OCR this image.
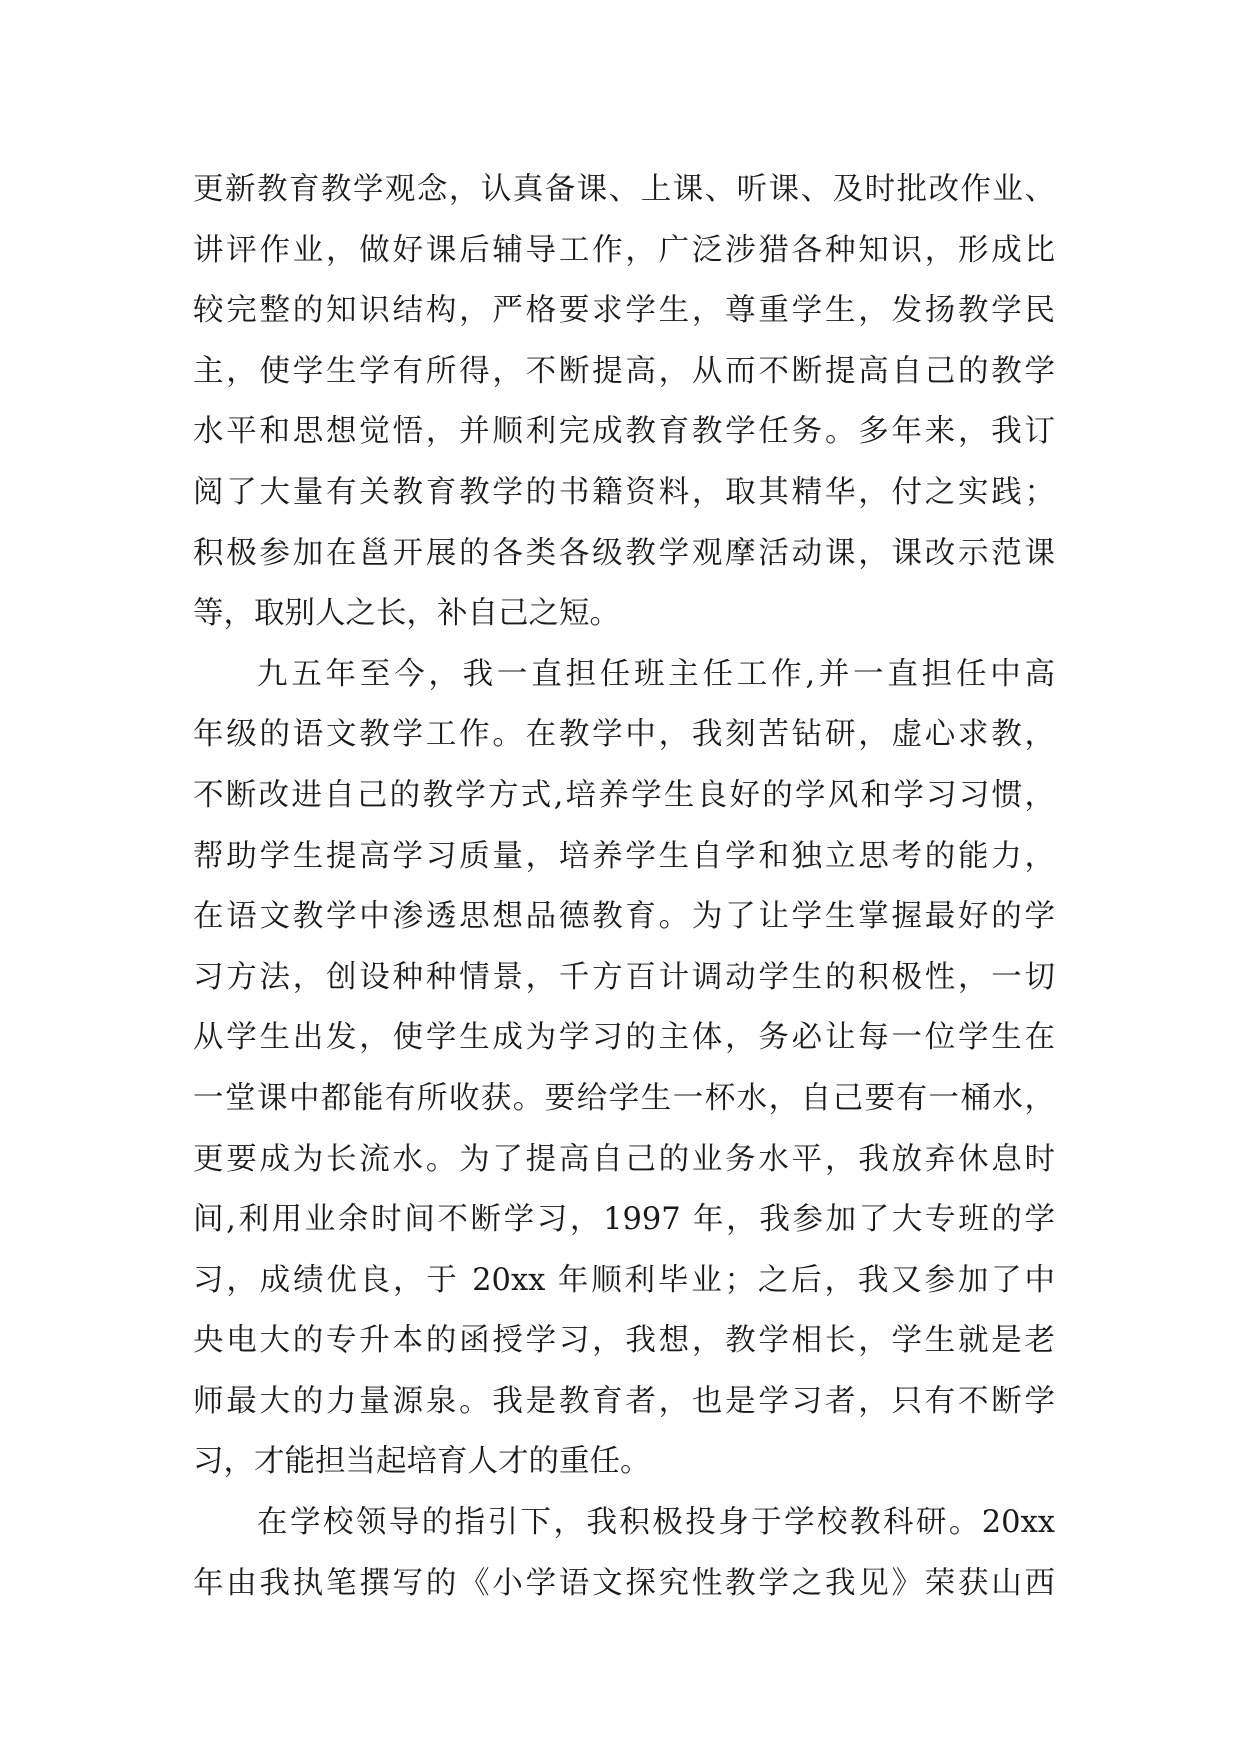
更新教育教学观念，认真备课、上课、听课、及时批改作业、
讲评作业，做好课后辅导工作，广泛涉猎各种知识，形成比
较完整的知识结构，严格要求学生，尊重学生，发扬教学民
主，使学生学有所得，不断提高，从而不断提高自己的教学
水平和思想觉悟，并顺利完成教育教学任务。多年来，我订
阅了大量有关教育教学的书籍资料，取其精华，付之实践；
积极参加在邕开展的各类各级教学观摩活动课，课改示范课
等，取别人之长，补自己之短。
九五年至今，我一直担任班主任工作,并一直担任中高
年级的语文教学工作。在教学中，我刻苦钻研，虚心求教，
不断改进自己的教学方式,培养学生良好的学风和学习习惯，
帮助学生提高学习质量，培养学生自学和独立思考的能力，
在语文教学中渗透思想品德教育。为了让学生掌握最好的学
习方法，创设种种情景，千方百计调动学生的积极性，一切
从学生出发，使学生成为学习的主体，务必让每一位学生在
一堂课中都能有所收获。要给学生一杯水，自己要有一桶水，
更要成为长流水。为了提高自己的业务水平，我放弃休息时
间,利用业余时间不断学习，1997 年，我参加了大专班的学
习，成绩优良，于 20xx 年顺利毕业；之后，我又参加了中
央电大的专升本的函授学习，我想，教学相长，学生就是老
师最大的力量源泉。我是教育者，也是学习者，只有不断学
习，才能担当起培育人才的重任。
在学校领导的指引下，我积极投身于学校教科研。20xx
年由我执笔撰写的《小学语文探究性教学之我见》荣获山西
